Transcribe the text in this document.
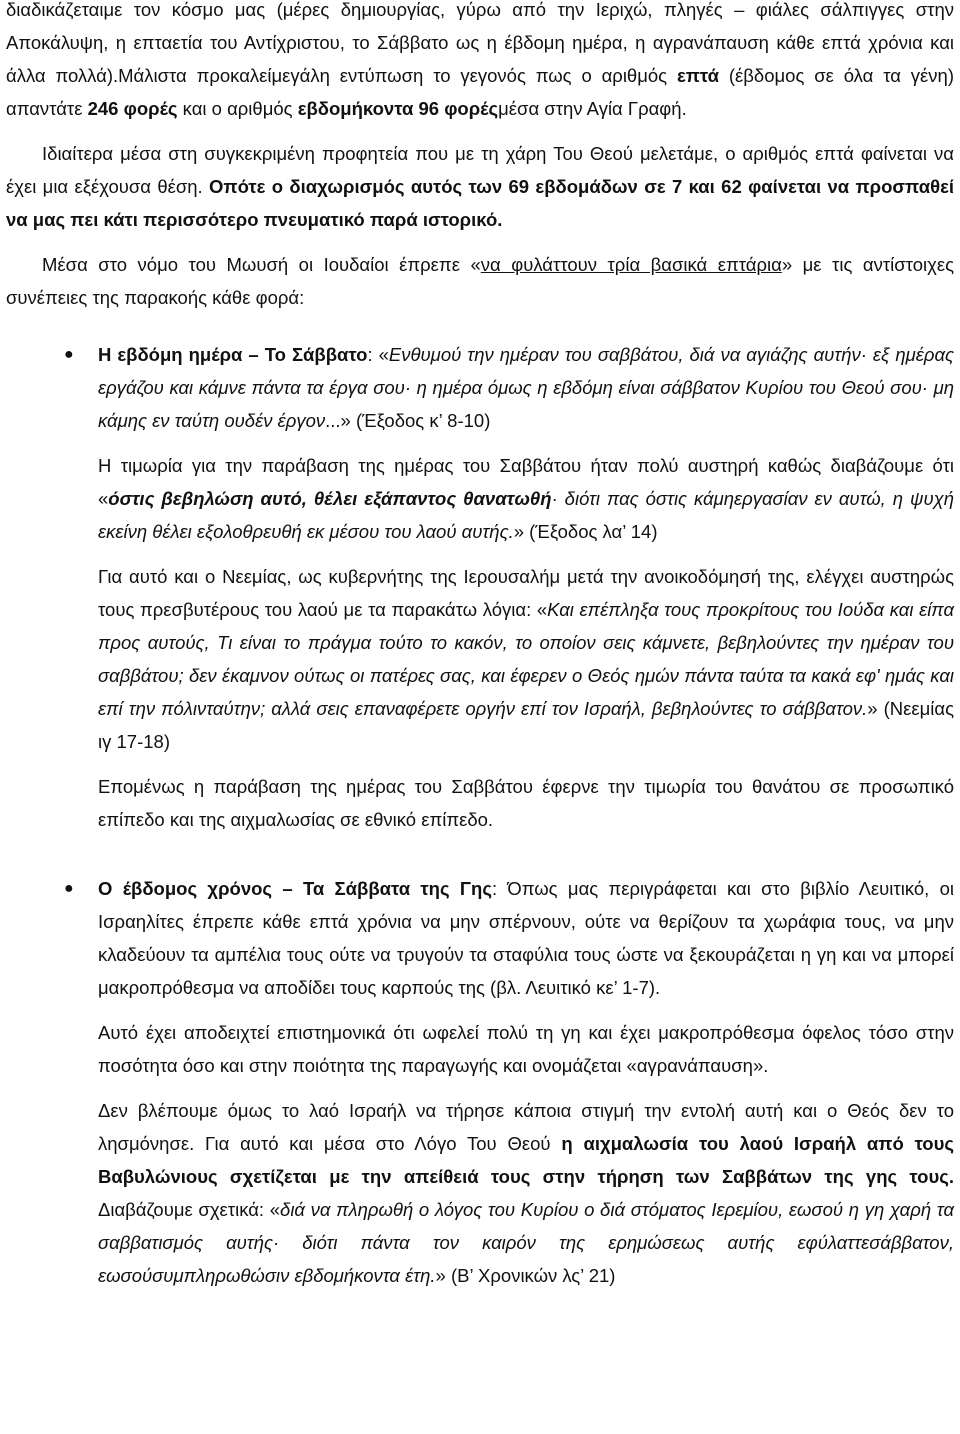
διαδικάζεταιμε τον κόσμο μας (μέρες δημιουργίας, γύρω από την Ιεριχώ, πληγές – φιάλες σάλπιγγες στην Αποκάλυψη, η επταετία του Αντίχριστου, το Σάββατο ως η έβδομη ημέρα, η αγρανάπαυση κάθε επτά χρόνια και άλλα πολλά).Μάλιστα προκαλείμεγάλη εντύπωση το γεγονός πως ο αριθμός επτά (έβδομος σε όλα τα γένη) απαντάτε 246 φορές και ο αριθμός εβδομήκοντα 96 φορέςμέσα στην Αγία Γραφή.

Ιδιαίτερα μέσα στη συγκεκριμένη προφητεία που με τη χάρη Του Θεού μελετάμε, ο αριθμός επτά φαίνεται να έχει μια εξέχουσα θέση. Οπότε ο διαχωρισμός αυτός των 69 εβδομάδων σε 7 και 62 φαίνεται να προσπαθεί να μας πει κάτι περισσότερο πνευματικό παρά ιστορικό.

Μέσα στο νόμο του Μωυσή οι Ιουδαίοι έπρεπε «να φυλάττουν τρία βασικά επτάρια» με τις αντίστοιχες συνέπειες της παρακοής κάθε φορά:

● Η εβδόμη ημέρα – Το Σάββατο: «Ενθυμού την ημέραν του σαββάτου, διά να αγιάζης αυτήν· εξ ημέρας εργάζου και κάμνε πάντα τα έργα σου· η ημέρα όμως η εβδόμη είναι σάββατον Κυρίου του Θεού σου· μη κάμης εν ταύτη ουδέν έργον...» (Έξοδος κ’ 8-10)

Η τιμωρία για την παράβαση της ημέρας του Σαββάτου ήταν πολύ αυστηρή καθώς διαβάζουμε ότι «όστις βεβηλώση αυτό, θέλει εξάπαντος θανατωθή· διότι πας όστις κάμηεργασίαν εν αυτώ, η ψυχή εκείνη θέλει εξολοθρευθή εκ μέσου του λαού αυτής.» (Έξοδος λα’ 14)

Για αυτό και ο Νεεμίας, ως κυβερνήτης της Ιερουσαλήμ μετά την ανοικοδόμησή της, ελέγχει αυστηρώς τους πρεσβυτέρους του λαού με τα παρακάτω λόγια: «Και επέπληξα τους προκρίτους του Ιούδα και είπα προς αυτούς, Τι είναι το πράγμα τούτο το κακόν, το οποίον σεις κάμνετε, βεβηλούντες την ημέραν του σαββάτου; δεν έκαμνον ούτως οι πατέρες σας, και έφερεν ο Θεός ημών πάντα ταύτα τα κακά εφ' ημάς και επί την πόλινταύτην; αλλά σεις επαναφέρετε οργήν επί τον Ισραήλ, βεβηλούντες το σάββατον.» (Νεεμίας ιγ 17-18)

Επομένως η παράβαση της ημέρας του Σαββάτου έφερνε την τιμωρία του θανάτου σε προσωπικό επίπεδο και της αιχμαλωσίας σε εθνικό επίπεδο.

● Ο έβδομος χρόνος – Τα Σάββατα της Γης: Όπως μας περιγράφεται και στο βιβλίο Λευιτικό, οι Ισραηλίτες έπρεπε κάθε επτά χρόνια να μην σπέρνουν, ούτε να θερίζουν τα χωράφια τους, να μην κλαδεύουν τα αμπέλια τους ούτε να τρυγούν τα σταφύλια τους ώστε να ξεκουράζεται η γη και να μπορεί μακροπρόθεσμα να αποδίδει τους καρπούς της (βλ. Λευιτικό κε’ 1-7).

Αυτό έχει αποδειχτεί επιστημονικά ότι ωφελεί πολύ τη γη και έχει μακροπρόθεσμα όφελος τόσο στην ποσότητα όσο και στην ποιότητα της παραγωγής και ονομάζεται «αγρανάπαυση».

Δεν βλέπουμε όμως το λαό Ισραήλ να τήρησε κάποια στιγμή την εντολή αυτή και ο Θεός δεν το λησμόνησε. Για αυτό και μέσα στο Λόγο Του Θεού η αιχμαλωσία του λαού Ισραήλ από τους Βαβυλώνιους σχετίζεται με την απείθειά τους στην τήρηση των Σαββάτων της γης τους. Διαβάζουμε σχετικά: «διά να πληρωθή ο λόγος του Κυρίου ο διά στόματος Ιερεμίου, εωσού η γη χαρή τα σαββατισμός αυτής· διότι πάντα τον καιρόν της ερημώσεως αυτής εφύλαττεσάββατον, εωσούσυμπληρωθώσιν εβδομήκοντα έτη.» (Β’ Χρονικών λς’ 21)
